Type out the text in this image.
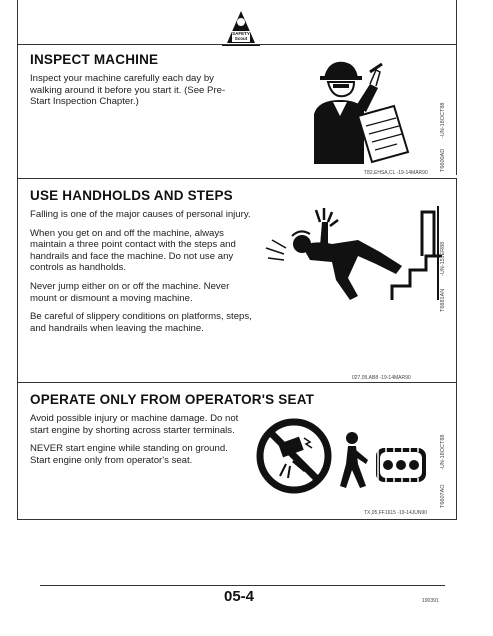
SAFETY
Scout
INSPECT MACHINE

Inspect your machine carefully each day by walking around it before you start it. (See Pre-Start Inspection Chapter.)

T82,EHSA,CL -19-14MAR90
-UN-18OCT88
T6600AD
USE HANDHOLDS AND STEPS

Falling is one of the major causes of personal injury.

When you get on and off the machine, always maintain a three point contact with the steps and handrails and face the machine. Do not use any controls as handholds.

Never jump either on or off the machine. Never mount or dismount a moving machine.

Be careful of slippery conditions on platforms, steps, and handrails when leaving the machine.

-UN-15JER88
T6881AN
027,05,AB8 -19-14MAR90
OPERATE ONLY FROM OPERATOR'S SEAT

Avoid possible injury or machine damage. Do not start engine by shorting across starter terminals.

NEVER start engine while standing on ground. Start engine only from operator's seat.	-UN-18OCT88
T6607AO
TX,05,FF1615 -19-14JUN90
05-4	190391
